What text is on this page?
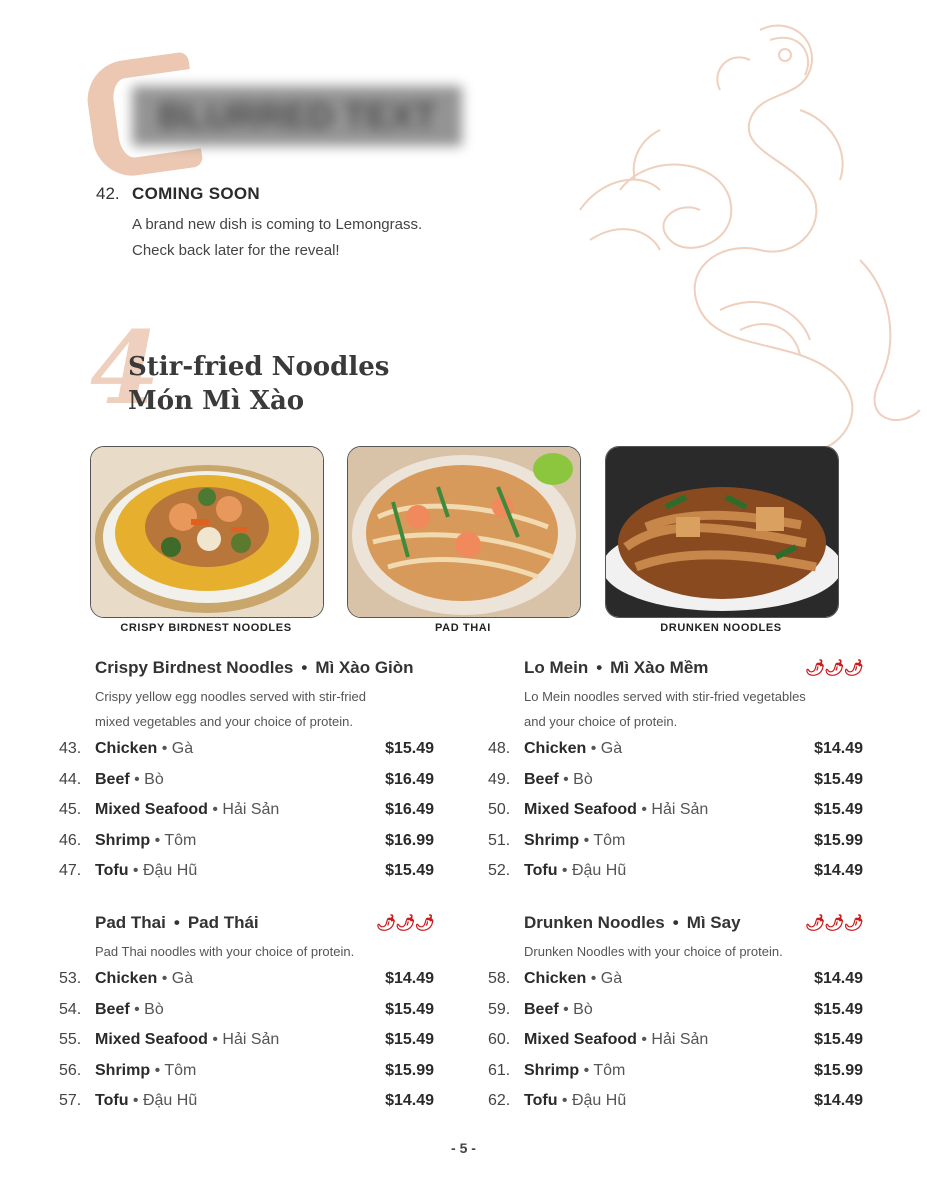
BLURRED TEXT
42. COMING SOON
A brand new dish is coming to Lemongrass.
Check back later for the reveal!
4
Stir-fried Noodles
Món Mì Xào
CRISPY BIRDNEST NOODLES	PAD THAI	DRUNKEN NOODLES
Crispy Birdnest Noodles • Mì Xào Giòn
Crispy yellow egg noodles served with stir-fried
mixed vegetables and your choice of protein.
43. Chicken • Gà	$15.49
44. Beef • Bò	$16.49
45. Mixed Seafood • Hải Sản	$16.49
46. Shrimp • Tôm	$16.99
47. Tofu • Đậu Hũ	$15.49
Lo Mein • Mì Xào Mềm	🌶🌶🌶
Lo Mein noodles served with stir-fried vegetables
and your choice of protein.
48. Chicken • Gà	$14.49
49. Beef • Bò	$15.49
50. Mixed Seafood • Hải Sản	$15.49
51. Shrimp • Tôm	$15.99
52. Tofu • Đậu Hũ	$14.49
Pad Thai • Pad Thái	🌶🌶🌶
Pad Thai noodles with your choice of protein.
53. Chicken • Gà	$14.49
54. Beef • Bò	$15.49
55. Mixed Seafood • Hải Sản	$15.49
56. Shrimp • Tôm	$15.99
57. Tofu • Đậu Hũ	$14.49
Drunken Noodles • Mì Say	🌶🌶🌶
Drunken Noodles with your choice of protein.
58. Chicken • Gà	$14.49
59. Beef • Bò	$15.49
60. Mixed Seafood • Hải Sản	$15.49
61. Shrimp • Tôm	$15.99
62. Tofu • Đậu Hũ	$14.49
- 5 -
